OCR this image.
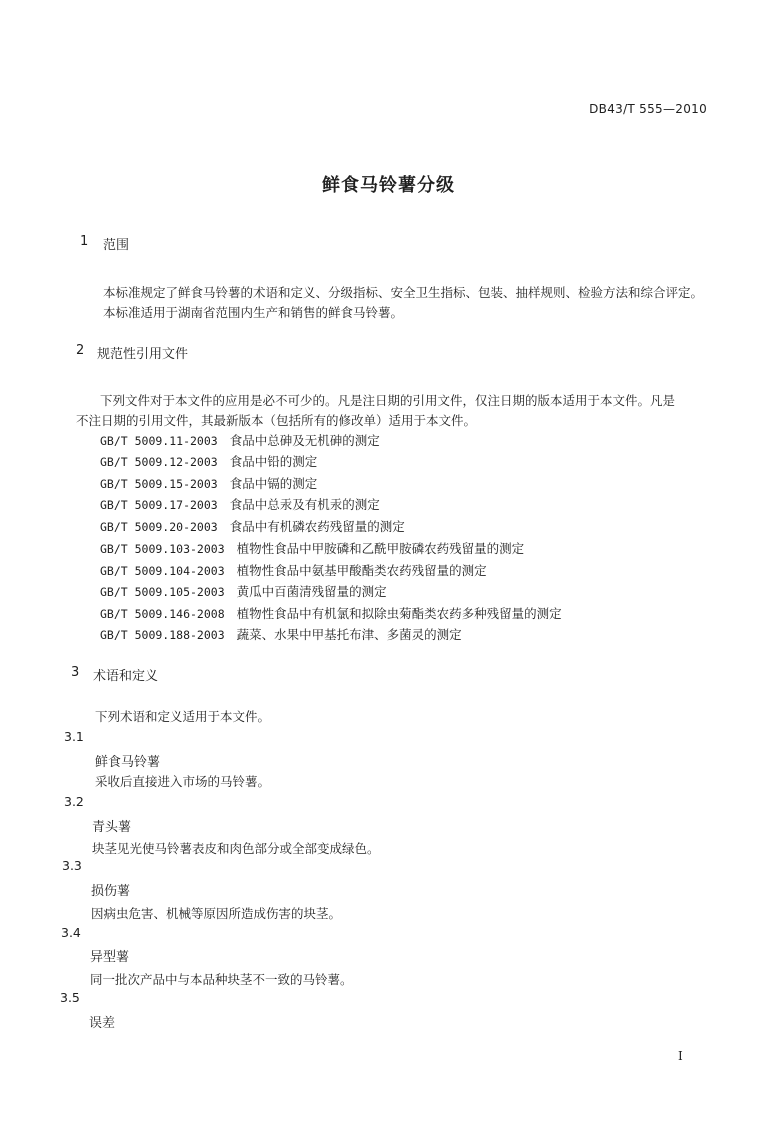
DB43/T 555—2010
鲜食马铃薯分级
1 范围
本标准规定了鲜食马铃薯的术语和定义、分级指标、安全卫生指标、包装、抽样规则、检验方法和综合评定。
本标准适用于湖南省范围内生产和销售的鲜食马铃薯。
2 规范性引用文件
下列文件对于本文件的应用是必不可少的。凡是注日期的引用文件，仅注日期的版本适用于本文件。凡是
不注日期的引用文件，其最新版本（包括所有的修改单）适用于本文件。
GB/T 5009.11-2003 食品中总砷及无机砷的测定
GB/T 5009.12-2003 食品中铅的测定
GB/T 5009.15-2003 食品中镉的测定
GB/T 5009.17-2003 食品中总汞及有机汞的测定
GB/T 5009.20-2003 食品中有机磷农药残留量的测定
GB/T 5009.103-2003 植物性食品中甲胺磷和乙酰甲胺磷农药残留量的测定
GB/T 5009.104-2003 植物性食品中氨基甲酸酯类农药残留量的测定
GB/T 5009.105-2003 黄瓜中百菌清残留量的测定
GB/T 5009.146-2008 植物性食品中有机氯和拟除虫菊酯类农药多种残留量的测定
GB/T 5009.188-2003 蔬菜、水果中甲基托布津、多菌灵的测定
3 术语和定义
下列术语和定义适用于本文件。
3.1
鲜食马铃薯
采收后直接进入市场的马铃薯。
3.2
青头薯
块茎见光使马铃薯表皮和肉色部分或全部变成绿色。
3.3
损伤薯
因病虫危害、机械等原因所造成伤害的块茎。
3.4
异型薯
同一批次产品中与本品种块茎不一致的马铃薯。
3.5
误差
I
